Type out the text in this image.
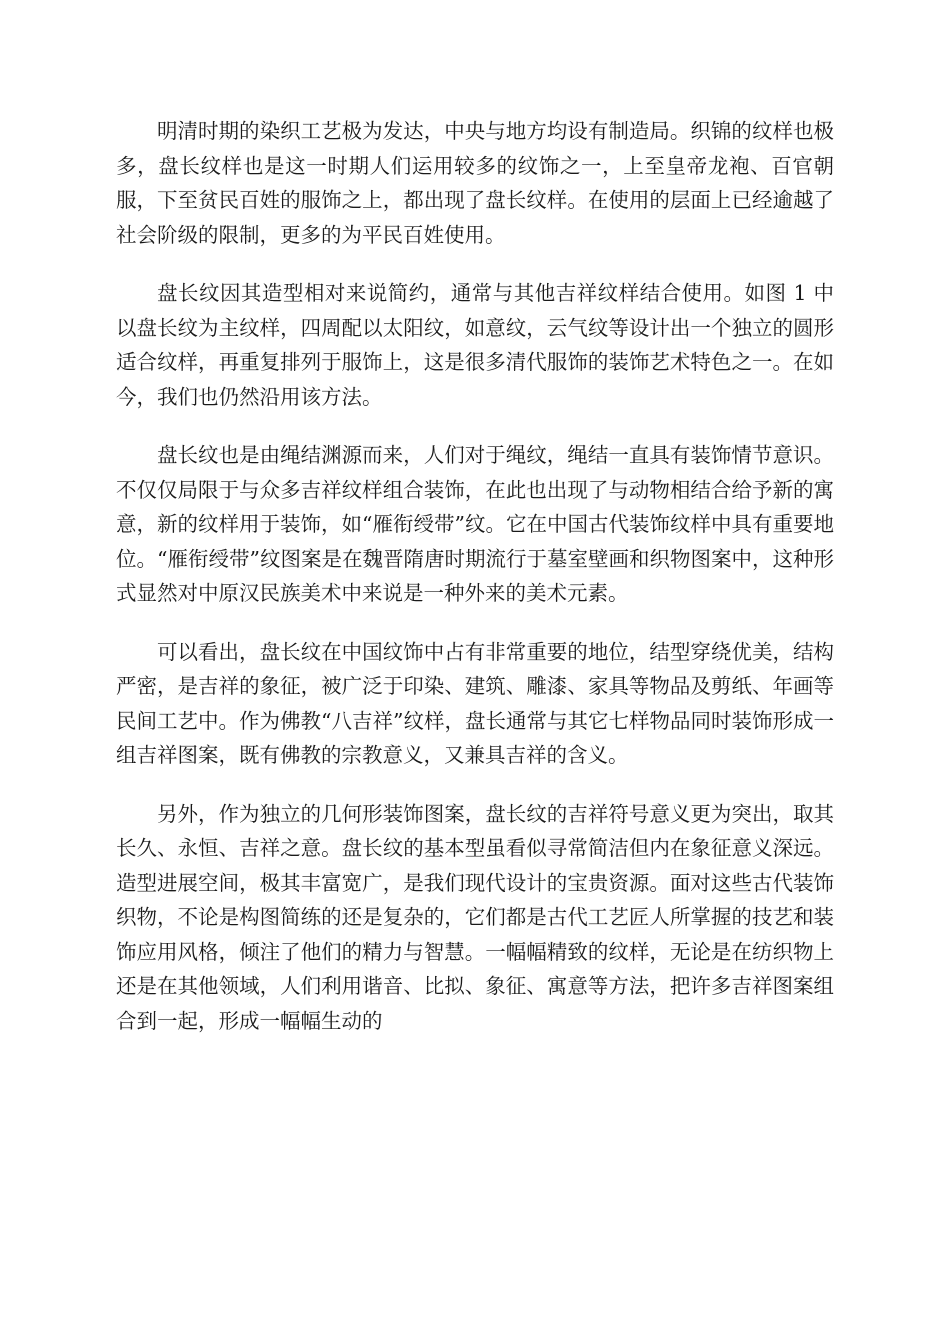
明清时期的染织工艺极为发达，中央与地方均设有制造局。织锦的纹样也极多，盘长纹样也是这一时期人们运用较多的纹饰之一，上至皇帝龙袍、百官朝服，下至贫民百姓的服饰之上，都出现了盘长纹样。在使用的层面上已经逾越了社会阶级的限制，更多的为平民百姓使用。

盘长纹因其造型相对来说简约，通常与其他吉祥纹样结合使用。如图 1 中以盘长纹为主纹样，四周配以太阳纹，如意纹，云气纹等设计出一个独立的圆形适合纹样，再重复排列于服饰上，这是很多清代服饰的装饰艺术特色之一。在如今，我们也仍然沿用该方法。

盘长纹也是由绳结渊源而来，人们对于绳纹，绳结一直具有装饰情节意识。不仅仅局限于与众多吉祥纹样组合装饰，在此也出现了与动物相结合给予新的寓意，新的纹样用于装饰，如“雁衔绶带”纹。它在中国古代装饰纹样中具有重要地位。“雁衔绶带”纹图案是在魏晋隋唐时期流行于墓室壁画和织物图案中，这种形式显然对中原汉民族美术中来说是一种外来的美术元素。

可以看出，盘长纹在中国纹饰中占有非常重要的地位，结型穿绕优美，结构严密，是吉祥的象征，被广泛于印染、建筑、雕漆、家具等物品及剪纸、年画等民间工艺中。作为佛教“八吉祥”纹样，盘长通常与其它七样物品同时装饰形成一组吉祥图案，既有佛教的宗教意义，又兼具吉祥的含义。

另外，作为独立的几何形装饰图案，盘长纹的吉祥符号意义更为突出，取其长久、永恒、吉祥之意。盘长纹的基本型虽看似寻常简洁但内在象征意义深远。造型进展空间，极其丰富宽广，是我们现代设计的宝贵资源。面对这些古代装饰织物，不论是构图简练的还是复杂的，它们都是古代工艺匠人所掌握的技艺和装饰应用风格，倾注了他们的精力与智慧。一幅幅精致的纹样，无论是在纺织物上还是在其他领域，人们利用谐音、比拟、象征、寓意等方法，把许多吉祥图案组合到一起，形成一幅幅生动的
